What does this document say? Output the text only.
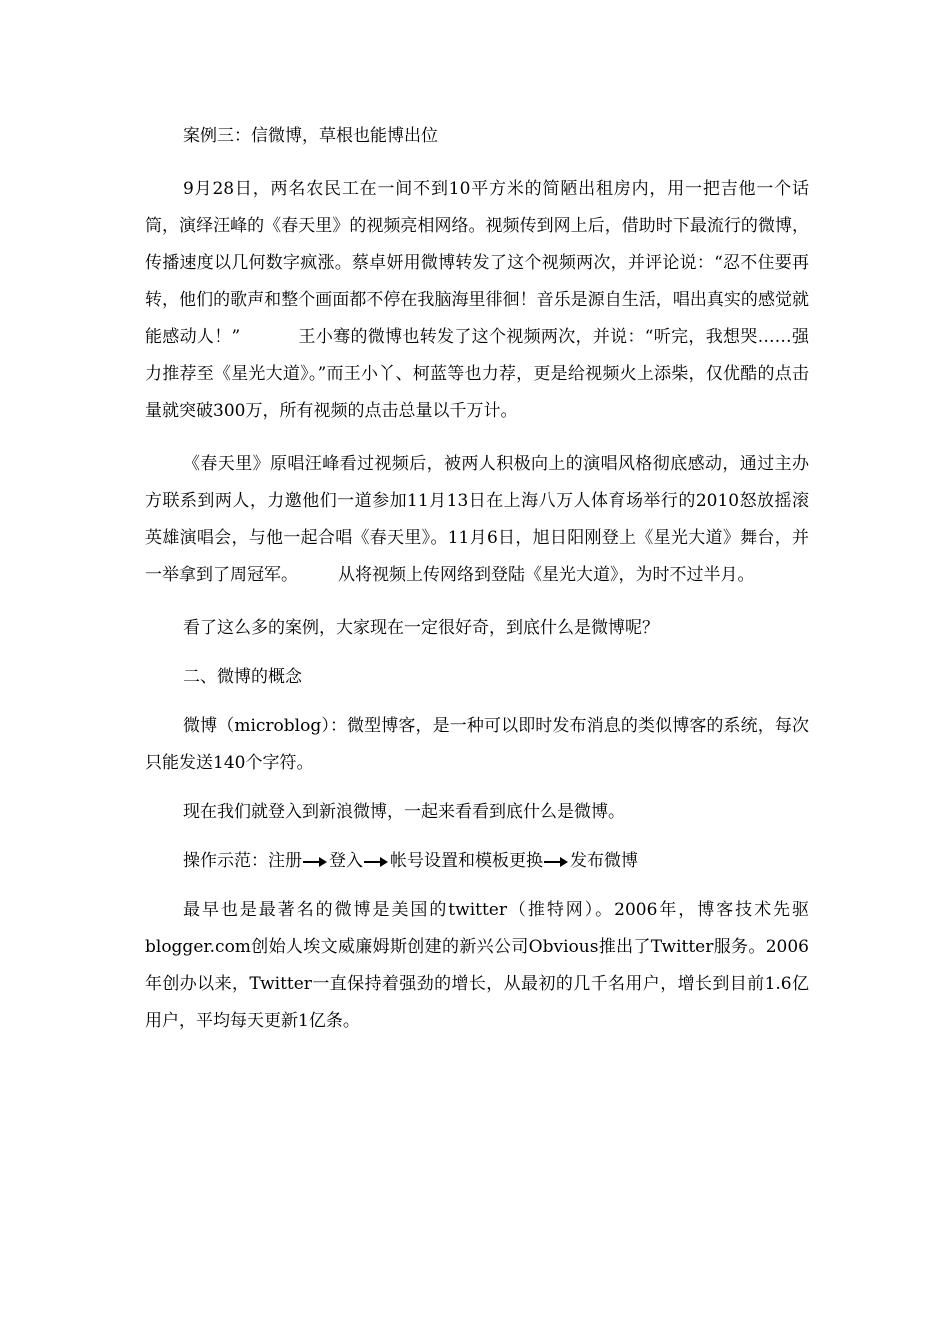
案例三：信微博，草根也能博出位

9月28日，两名农民工在一间不到10平方米的简陋出租房内，用一把吉他一个话筒，演绎汪峰的《春天里》的视频亮相网络。视频传到网上后，借助时下最流行的微博，传播速度以几何数字疯涨。蔡卓妍用微博转发了这个视频两次，并评论说：“忍不住要再转，他们的歌声和整个画面都不停在我脑海里徘徊！音乐是源自生活，唱出真实的感觉就能感动人！”	王小骞的微博也转发了这个视频两次，并说：“听完，我想哭……强力推荐至《星光大道》。”而王小丫、柯蓝等也力荐，更是给视频火上添柴，仅优酷的点击量就突破300万，所有视频的点击总量以千万计。

《春天里》原唱汪峰看过视频后，被两人积极向上的演唱风格彻底感动，通过主办方联系到两人，力邀他们一道参加11月13日在上海八万人体育场举行的2010怒放摇滚英雄演唱会，与他一起合唱《春天里》。11月6日，旭日阳刚登上《星光大道》舞台，并一举拿到了周冠军。 从将视频上传网络到登陆《星光大道》，为时不过半月。

看了这么多的案例，大家现在一定很好奇，到底什么是微博呢？

二、微博的概念

微博（microblog）：微型博客，是一种可以即时发布消息的类似博客的系统，每次只能发送140个字符。

现在我们就登入到新浪微博，一起来看看到底什么是微博。

操作示范：注册 登入 帐号设置和模板更换 发布微博

最早也是最著名的微博是美国的twitter（推特网）。2006年，博客技术先驱blogger.com创始人埃文威廉姆斯创建的新兴公司Obvious推出了Twitter服务。2006年创办以来，Twitter一直保持着强劲的增长，从最初的几千名用户，增长到目前1.6亿用户，平均每天更新1亿条。
